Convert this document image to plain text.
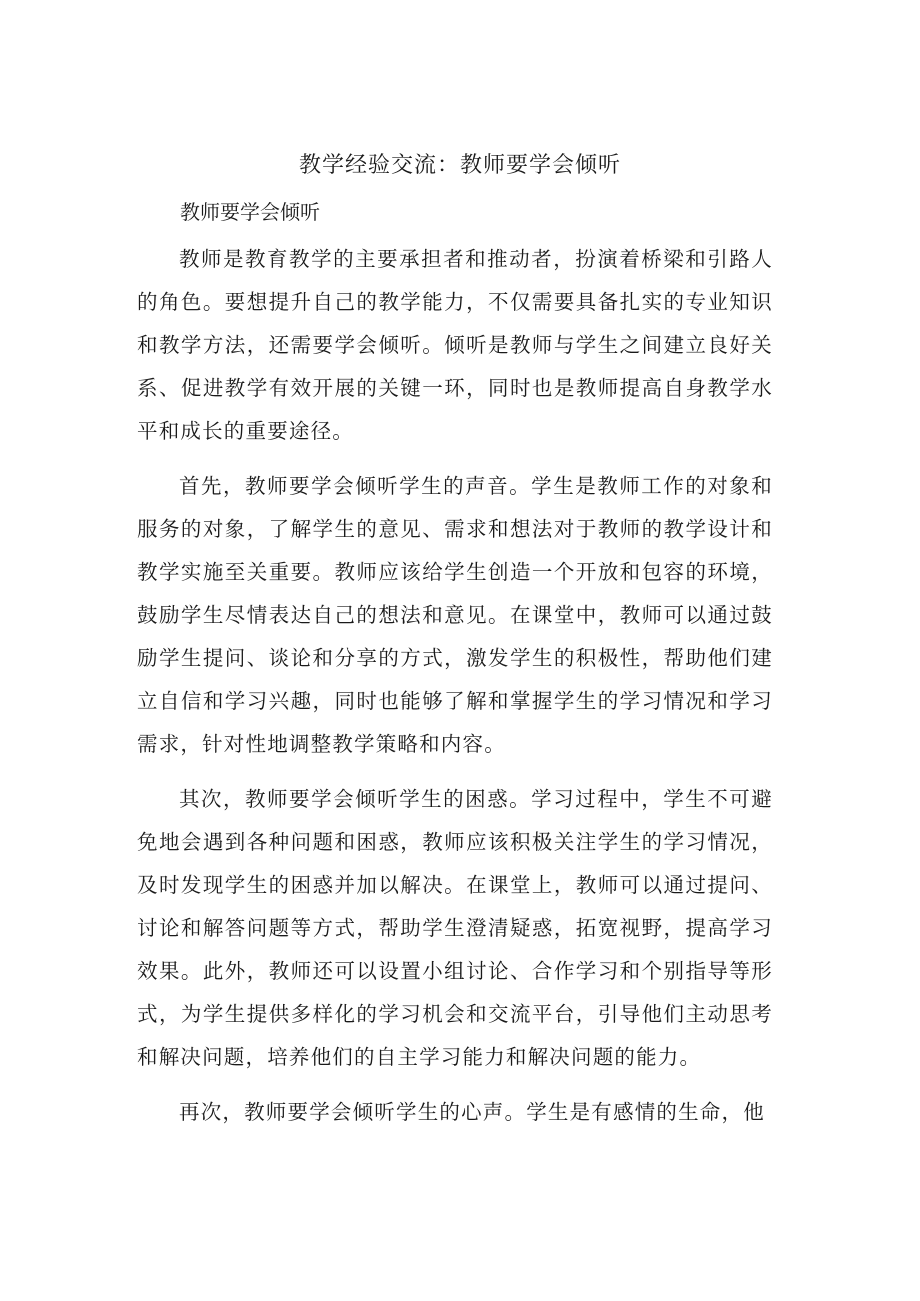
教学经验交流：教师要学会倾听

教师要学会倾听

教师是教育教学的主要承担者和推动者，扮演着桥梁和引路人的角色。要想提升自己的教学能力，不仅需要具备扎实的专业知识和教学方法，还需要学会倾听。倾听是教师与学生之间建立良好关系、促进教学有效开展的关键一环，同时也是教师提高自身教学水平和成长的重要途径。

首先，教师要学会倾听学生的声音。学生是教师工作的对象和服务的对象，了解学生的意见、需求和想法对于教师的教学设计和教学实施至关重要。教师应该给学生创造一个开放和包容的环境，鼓励学生尽情表达自己的想法和意见。在课堂中，教师可以通过鼓励学生提问、谈论和分享的方式，激发学生的积极性，帮助他们建立自信和学习兴趣，同时也能够了解和掌握学生的学习情况和学习需求，针对性地调整教学策略和内容。

其次，教师要学会倾听学生的困惑。学习过程中，学生不可避免地会遇到各种问题和困惑，教师应该积极关注学生的学习情况，及时发现学生的困惑并加以解决。在课堂上，教师可以通过提问、讨论和解答问题等方式，帮助学生澄清疑惑，拓宽视野，提高学习效果。此外，教师还可以设置小组讨论、合作学习和个别指导等形式，为学生提供多样化的学习机会和交流平台，引导他们主动思考和解决问题，培养他们的自主学习能力和解决问题的能力。

再次，教师要学会倾听学生的心声。学生是有感情的生命，他
